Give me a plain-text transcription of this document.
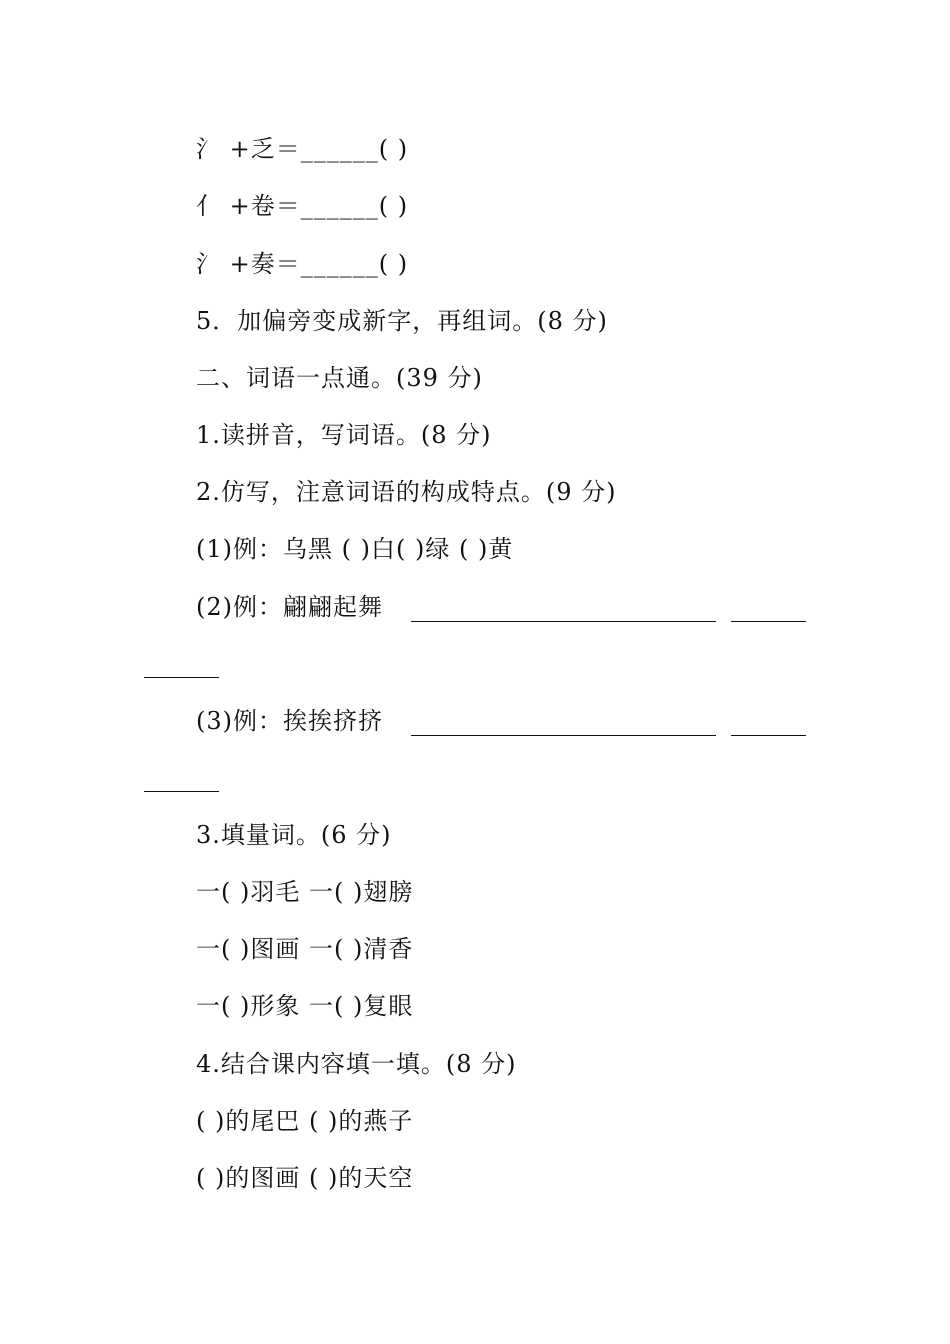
氵 +乏＝______( )
亻 +卷＝______( )
氵 +奏＝______( )
5．加偏旁变成新字，再组词。(8 分)
二、词语一点通。(39 分)
1.读拼音，写词语。(8 分)
2.仿写，注意词语的构成特点。(9 分)
(1)例：乌黑 ( )白( )绿 ( )黄
(2)例：翩翩起舞
(3)例：挨挨挤挤
3.填量词。(6 分)
一( )羽毛 一( )翅膀
一( )图画 一( )清香
一( )形象 一( )复眼
4.结合课内容填一填。(8 分)
( )的尾巴 ( )的燕子
( )的图画 ( )的天空
